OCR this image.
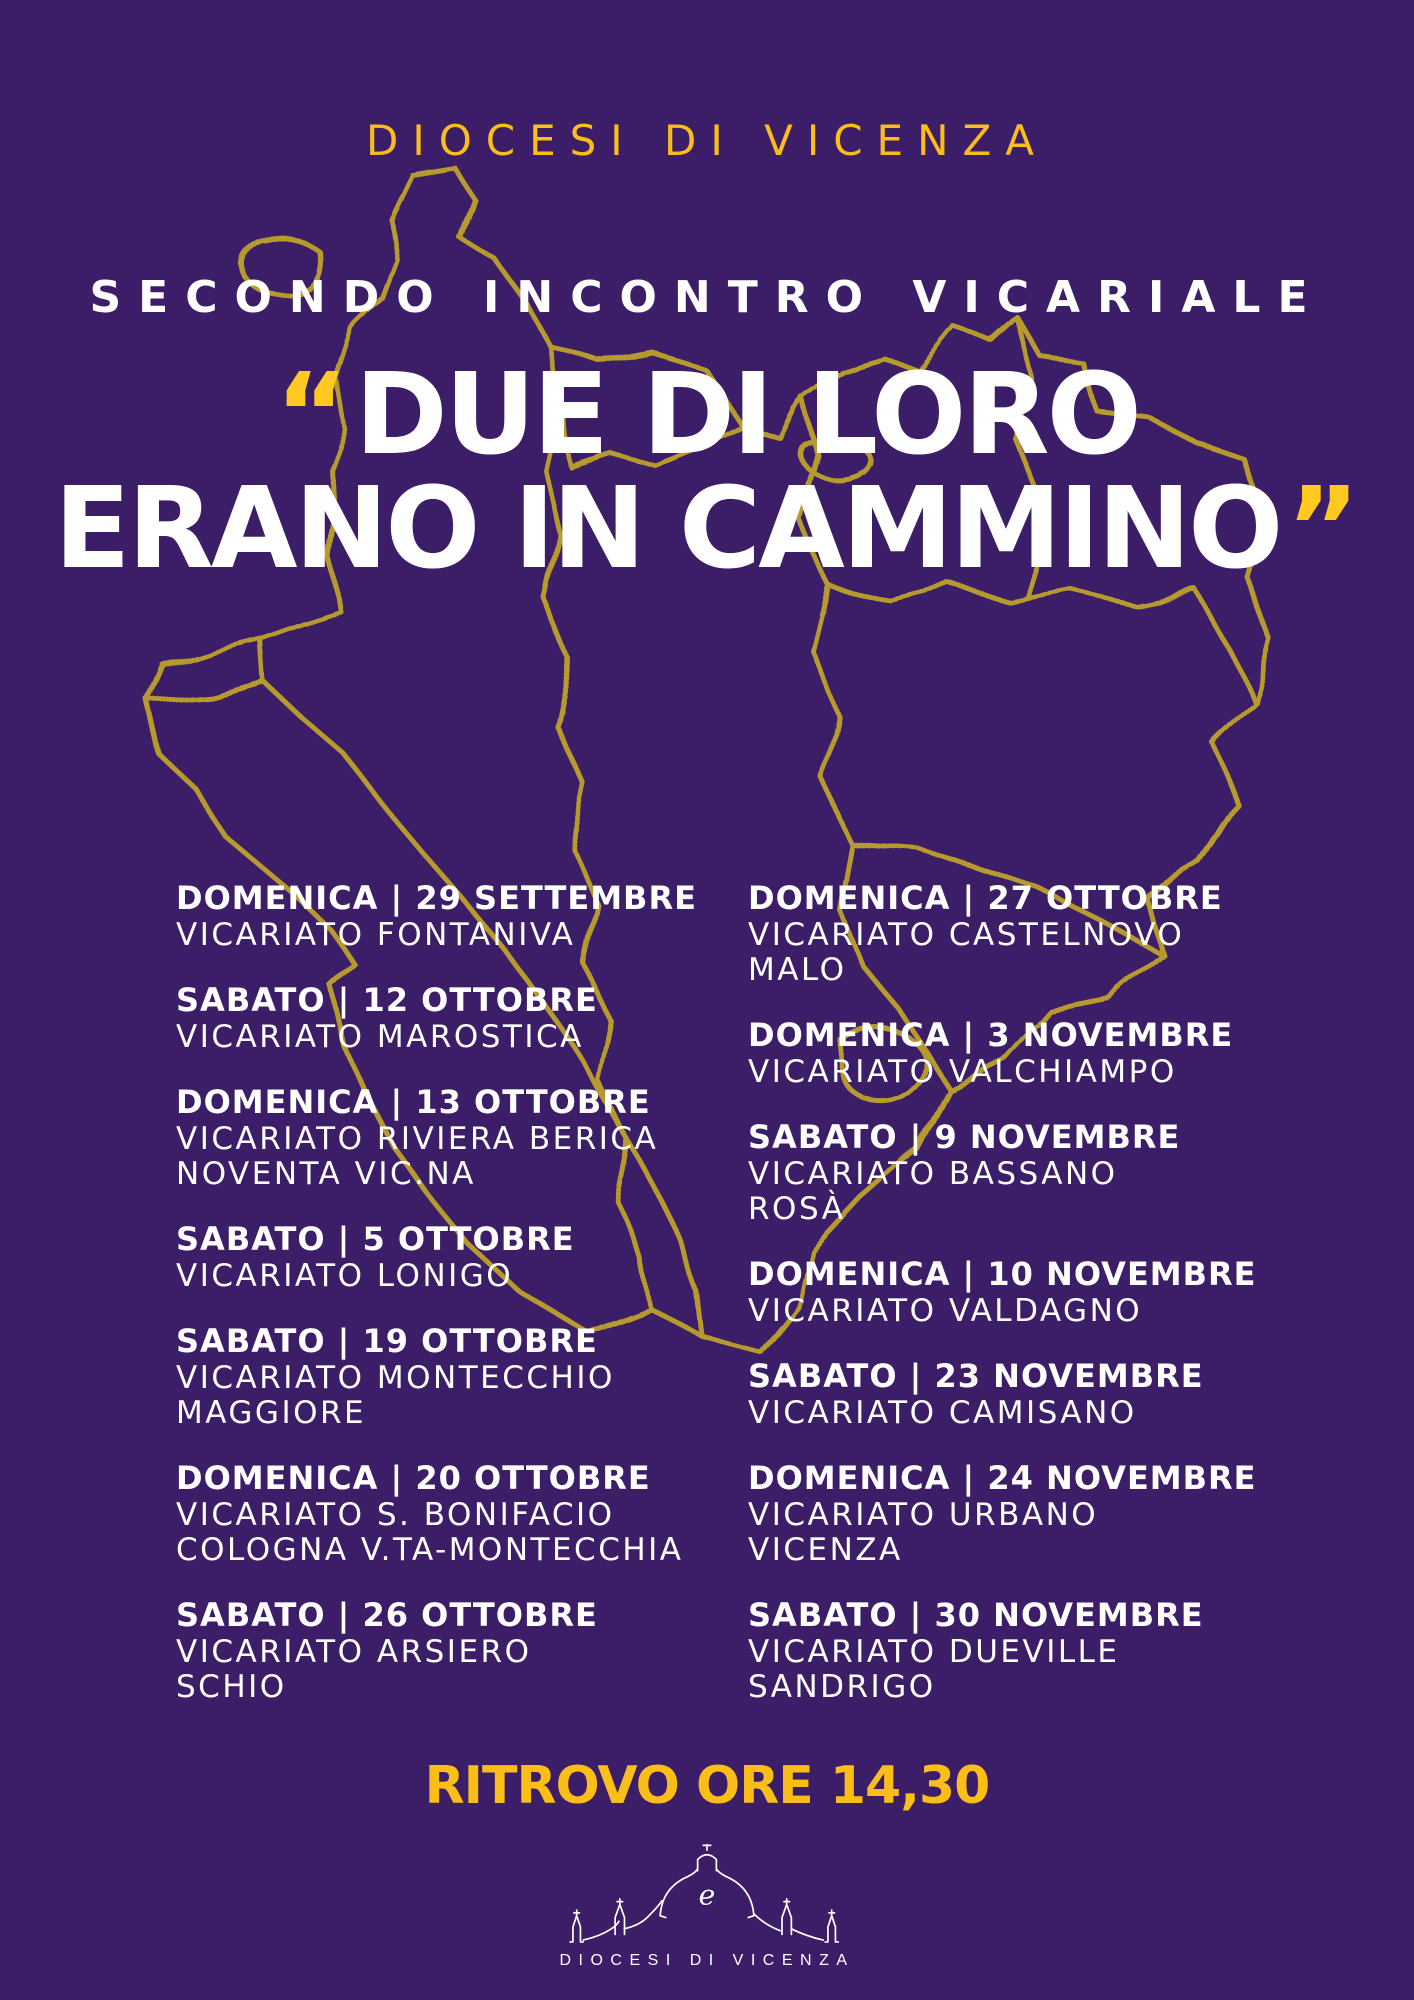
DIOCESI DI VICENZA
SECONDO INCONTRO VICARIALE
“DUE DI LORO
ERANO IN CAMMINO”
DOMENICA | 29 SETTEMBRE
VICARIATO FONTANIVA
SABATO | 12 OTTOBRE
VICARIATO MAROSTICA
DOMENICA | 13 OTTOBRE
VICARIATO RIVIERA BERICA
NOVENTA VIC.NA
SABATO | 5 OTTOBRE
VICARIATO LONIGO
SABATO | 19 OTTOBRE
VICARIATO MONTECCHIO
MAGGIORE
DOMENICA | 20 OTTOBRE
VICARIATO S. BONIFACIO
COLOGNA V.TA-MONTECCHIA
SABATO | 26 OTTOBRE
VICARIATO ARSIERO
SCHIO
DOMENICA | 27 OTTOBRE
VICARIATO CASTELNOVO
MALO
DOMENICA | 3 NOVEMBRE
VICARIATO VALCHIAMPO
SABATO | 9 NOVEMBRE
VICARIATO BASSANO
ROSÀ
DOMENICA | 10 NOVEMBRE
VICARIATO VALDAGNO
SABATO | 23 NOVEMBRE
VICARIATO CAMISANO
DOMENICA | 24 NOVEMBRE
VICARIATO URBANO
VICENZA
SABATO | 30 NOVEMBRE
VICARIATO DUEVILLE
SANDRIGO
RITROVO ORE 14,30
e
DIOCESI DI VICENZA
